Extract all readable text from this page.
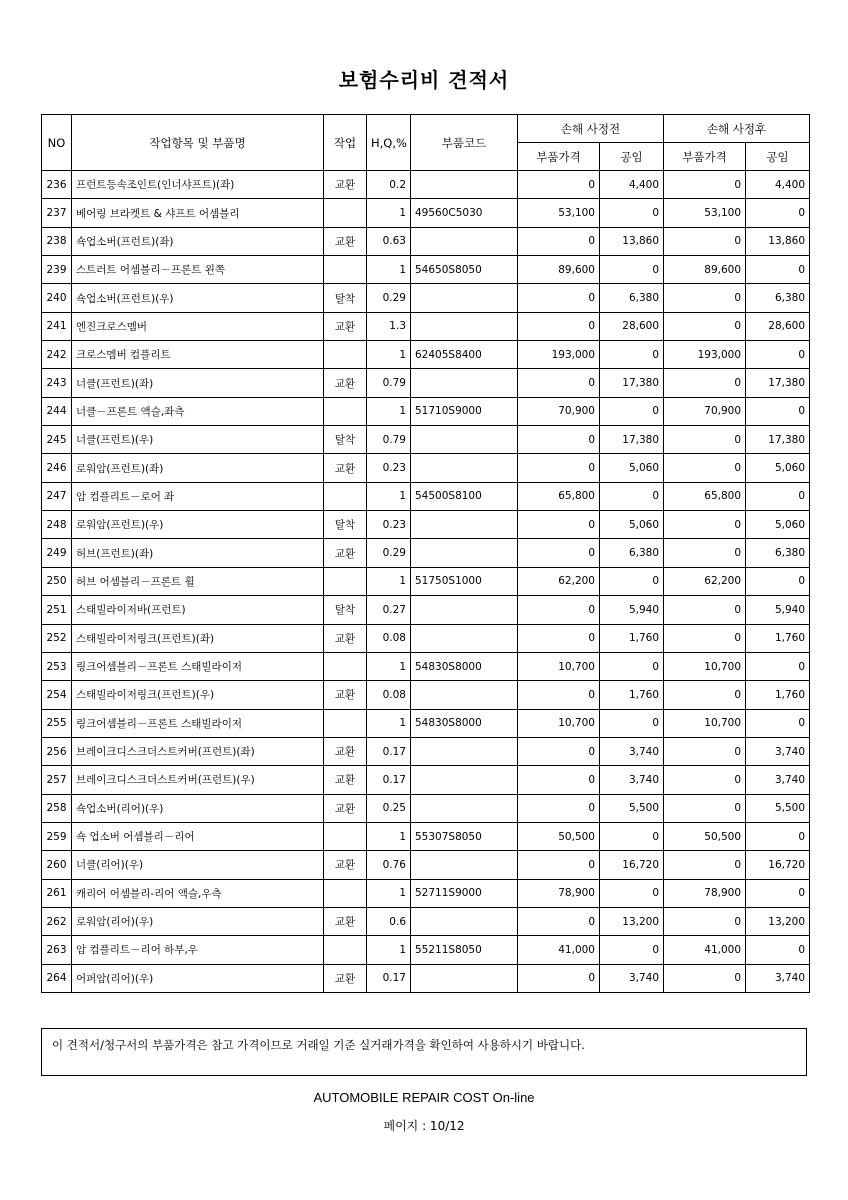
보험수리비 견적서
NO	작업항목 및 부품명	작업	H,Q,%	부품코드	손해 사정전		손해 사정후	
					부품가격	공임	부품가격	공임
236	프런트등속조인트(인너샤프트)(좌)	교환	0.2		0	4,400	0	4,400
237	베어링 브라켓트 & 샤프트 어셈블리		1	49560C5030	53,100	0	53,100	0
238	쇽업소버(프런트)(좌)	교환	0.63		0	13,860	0	13,860
239	스트러트 어셈블리－프론트 왼쪽		1	54650S8050	89,600	0	89,600	0
240	쇽업소버(프런트)(우)	탈착	0.29		0	6,380	0	6,380
241	엔진크로스멤버	교환	1.3		0	28,600	0	28,600
242	크로스멤버 컴플리트		1	62405S8400	193,000	0	193,000	0
243	너클(프런트)(좌)	교환	0.79		0	17,380	0	17,380
244	너클－프론트 액슬,좌측		1	51710S9000	70,900	0	70,900	0
245	너클(프런트)(우)	탈착	0.79		0	17,380	0	17,380
246	로워암(프런트)(좌)	교환	0.23		0	5,060	0	5,060
247	암 컴플리트－로어 좌		1	54500S8100	65,800	0	65,800	0
248	로워암(프런트)(우)	탈착	0.23		0	5,060	0	5,060
249	허브(프런트)(좌)	교환	0.29		0	6,380	0	6,380
250	허브 어셈블리－프론트 휠		1	51750S1000	62,200	0	62,200	0
251	스태빌라이저바(프런트)	탈착	0.27		0	5,940	0	5,940
252	스태빌라이저링크(프런트)(좌)	교환	0.08		0	1,760	0	1,760
253	링크어셈블리－프론트 스태빌라이저		1	54830S8000	10,700	0	10,700	0
254	스태빌라이저링크(프런트)(우)	교환	0.08		0	1,760	0	1,760
255	링크어셈블리－프론트 스태빌라이저		1	54830S8000	10,700	0	10,700	0
256	브레이크디스크더스트커버(프런트)(좌)	교환	0.17		0	3,740	0	3,740
257	브레이크디스크더스트커버(프런트)(우)	교환	0.17		0	3,740	0	3,740
258	쇽업소버(리어)(우)	교환	0.25		0	5,500	0	5,500
259	쇽 업소버 어셈블리－리어		1	55307S8050	50,500	0	50,500	0
260	너클(리어)(우)	교환	0.76		0	16,720	0	16,720
261	캐리어 어셈블리-리어 액슬,우측		1	52711S9000	78,900	0	78,900	0
262	로워암(리어)(우)	교환	0.6		0	13,200	0	13,200
263	암 컴플리트－리어 하부,우		1	55211S8050	41,000	0	41,000	0
264	어퍼암(리어)(우)	교환	0.17		0	3,740	0	3,740
이 견적서/청구서의 부품가격은 참고 가격이므로 거래일 기준 실거래가격을 확인하여 사용하시기 바랍니다.
AUTOMOBILE REPAIR COST On-line
페이지 : 10/12
